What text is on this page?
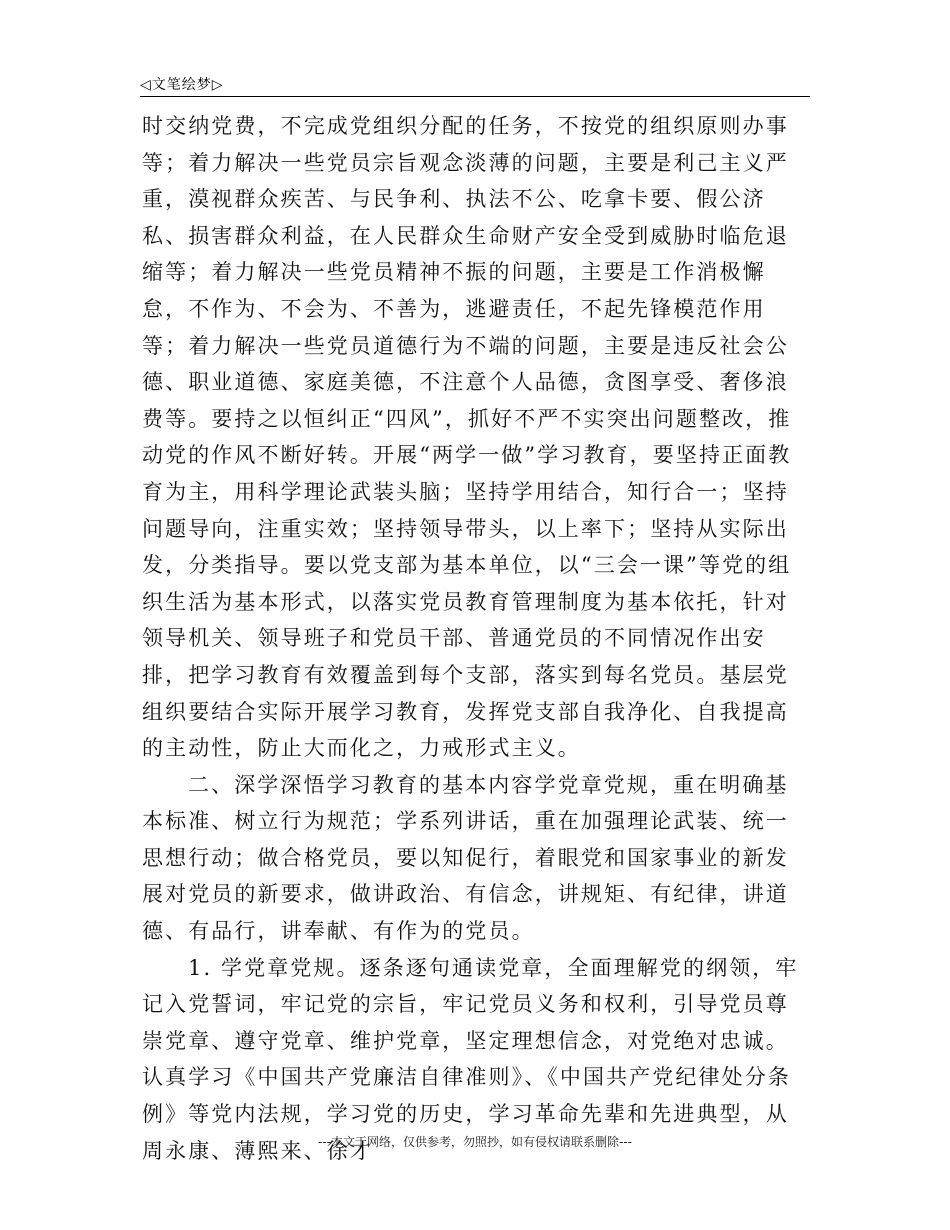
◁文笔绘梦▷

时交纳党费，不完成党组织分配的任务，不按党的组织原则办事等；着力解决一些党员宗旨观念淡薄的问题，主要是利己主义严重，漠视群众疾苦、与民争利、执法不公、吃拿卡要、假公济私、损害群众利益，在人民群众生命财产安全受到威胁时临危退缩等；着力解决一些党员精神不振的问题，主要是工作消极懈怠，不作为、不会为、不善为，逃避责任，不起先锋模范作用等；着力解决一些党员道德行为不端的问题，主要是违反社会公德、职业道德、家庭美德，不注意个人品德，贪图享受、奢侈浪费等。要持之以恒纠正“四风”，抓好不严不实突出问题整改，推动党的作风不断好转。开展“两学一做”学习教育，要坚持正面教育为主，用科学理论武装头脑；坚持学用结合，知行合一；坚持问题导向，注重实效；坚持领导带头，以上率下；坚持从实际出发，分类指导。要以党支部为基本单位，以“三会一课”等党的组织生活为基本形式，以落实党员教育管理制度为基本依托，针对领导机关、领导班子和党员干部、普通党员的不同情况作出安排，把学习教育有效覆盖到每个支部，落实到每名党员。基层党组织要结合实际开展学习教育，发挥党支部自我净化、自我提高的主动性，防止大而化之，力戒形式主义。

二、深学深悟学习教育的基本内容学党章党规，重在明确基本标准、树立行为规范；学系列讲话，重在加强理论武装、统一思想行动；做合格党员，要以知促行，着眼党和国家事业的新发展对党员的新要求，做讲政治、有信念，讲规矩、有纪律，讲道德、有品行，讲奉献、有作为的党员。

1. 学党章党规。逐条逐句通读党章，全面理解党的纲领，牢记入党誓词，牢记党的宗旨，牢记党员义务和权利，引导党员尊崇党章、遵守党章、维护党章，坚定理想信念，对党绝对忠诚。认真学习《中国共产党廉洁自律准则》、《中国共产党纪律处分条例》等党内法规，学习党的历史，学习革命先辈和先进典型，从周永康、薄熙来、徐才

---本文于网络，仅供参考，勿照抄，如有侵权请联系删除---
